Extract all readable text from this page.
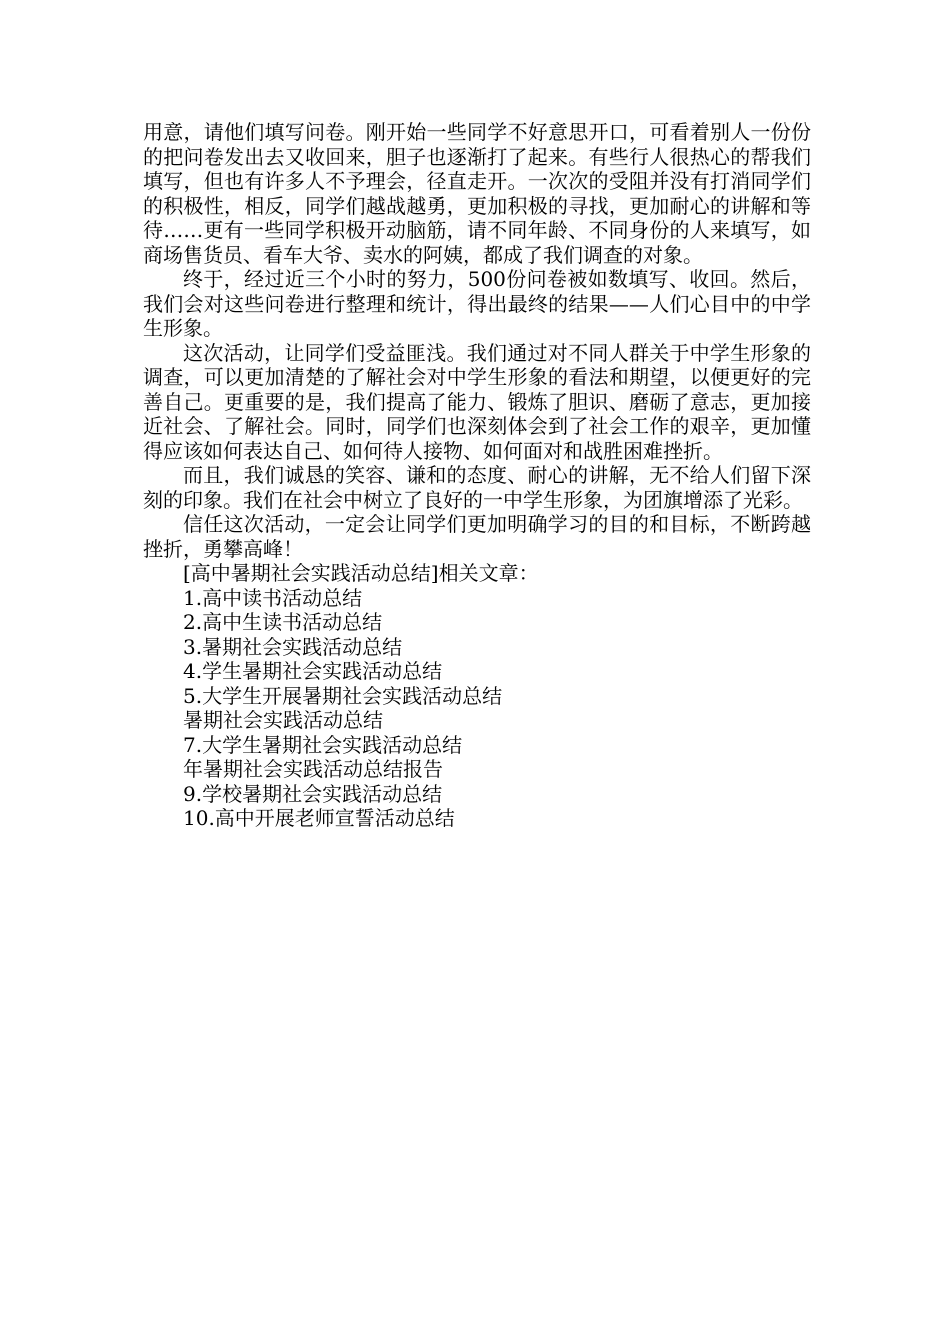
用意，请他们填写问卷。刚开始一些同学不好意思开口，可看着别人一份份的把问卷发出去又收回来，胆子也逐渐打了起来。有些行人很热心的帮我们填写，但也有许多人不予理会，径直走开。一次次的受阻并没有打消同学们的积极性，相反，同学们越战越勇，更加积极的寻找，更加耐心的讲解和等待……更有一些同学积极开动脑筋，请不同年龄、不同身份的人来填写，如商场售货员、看车大爷、卖水的阿姨，都成了我们调查的对象。

终于，经过近三个小时的努力，500份问卷被如数填写、收回。然后，我们会对这些问卷进行整理和统计，得出最终的结果——人们心目中的中学生形象。

这次活动，让同学们受益匪浅。我们通过对不同人群关于中学生形象的调查，可以更加清楚的了解社会对中学生形象的看法和期望，以便更好的完善自己。更重要的是，我们提高了能力、锻炼了胆识、磨砺了意志，更加接近社会、了解社会。同时，同学们也深刻体会到了社会工作的艰辛，更加懂得应该如何表达自己、如何待人接物、如何面对和战胜困难挫折。

而且，我们诚恳的笑容、谦和的态度、耐心的讲解，无不给人们留下深刻的印象。我们在社会中树立了良好的一中学生形象，为团旗增添了光彩。

信任这次活动，一定会让同学们更加明确学习的目的和目标，不断跨越挫折，勇攀高峰！

[高中暑期社会实践活动总结]相关文章：

1.高中读书活动总结
2.高中生读书活动总结
3.暑期社会实践活动总结
4.学生暑期社会实践活动总结
5.大学生开展暑期社会实践活动总结
暑期社会实践活动总结
7.大学生暑期社会实践活动总结
年暑期社会实践活动总结报告
9.学校暑期社会实践活动总结
10.高中开展老师宣誓活动总结
